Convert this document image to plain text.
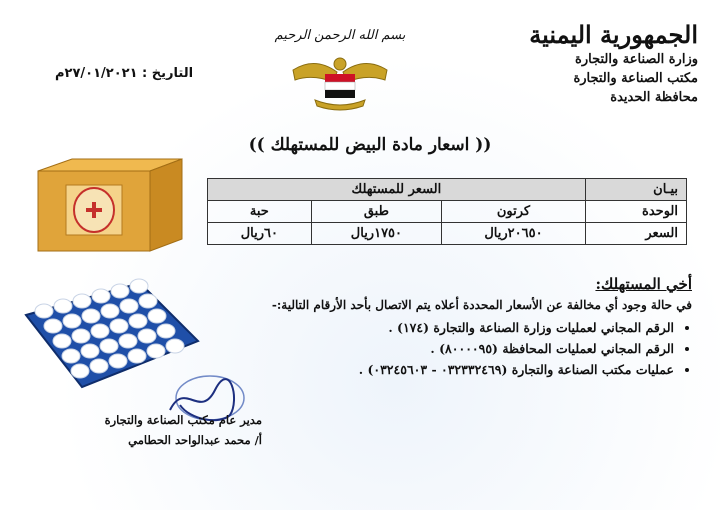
الجمهورية اليمنية
وزارة الصناعة والتجارة
مكتب الصناعة والتجارة
محافظة الحديدة
بسم الله الرحمن الرحيم
التاريخ : ٢٧/٠١/٢٠٢١م
(( اسعار مادة البيض للمستهلك ))
بيـان	السعر للمستهلك		
الوحدة	كرتون	طبق	حبة
السعر	٢٠٦٥٠ريال	١٧٥٠ريال	٦٠ريال
أخي المستهلك:
في حالة وجود أي مخالفة عن الأسعار المحددة أعلاه يتم الاتصال بأحد الأرقام التالية:-
• الرقم المجاني لعمليات وزارة الصناعة والتجارة (١٧٤) .
• الرقم المجاني لعمليات المحافظة (٨٠٠٠٠٩٥) .
• عمليات مكتب الصناعة والتجارة (٠٣٢٣٣٢٤٦٩ - ٠٣٢٤٥٦٠٣) .
مدير عام مكتب الصناعة والتجارة
أ/ محمد عبدالواحد الحطامي
